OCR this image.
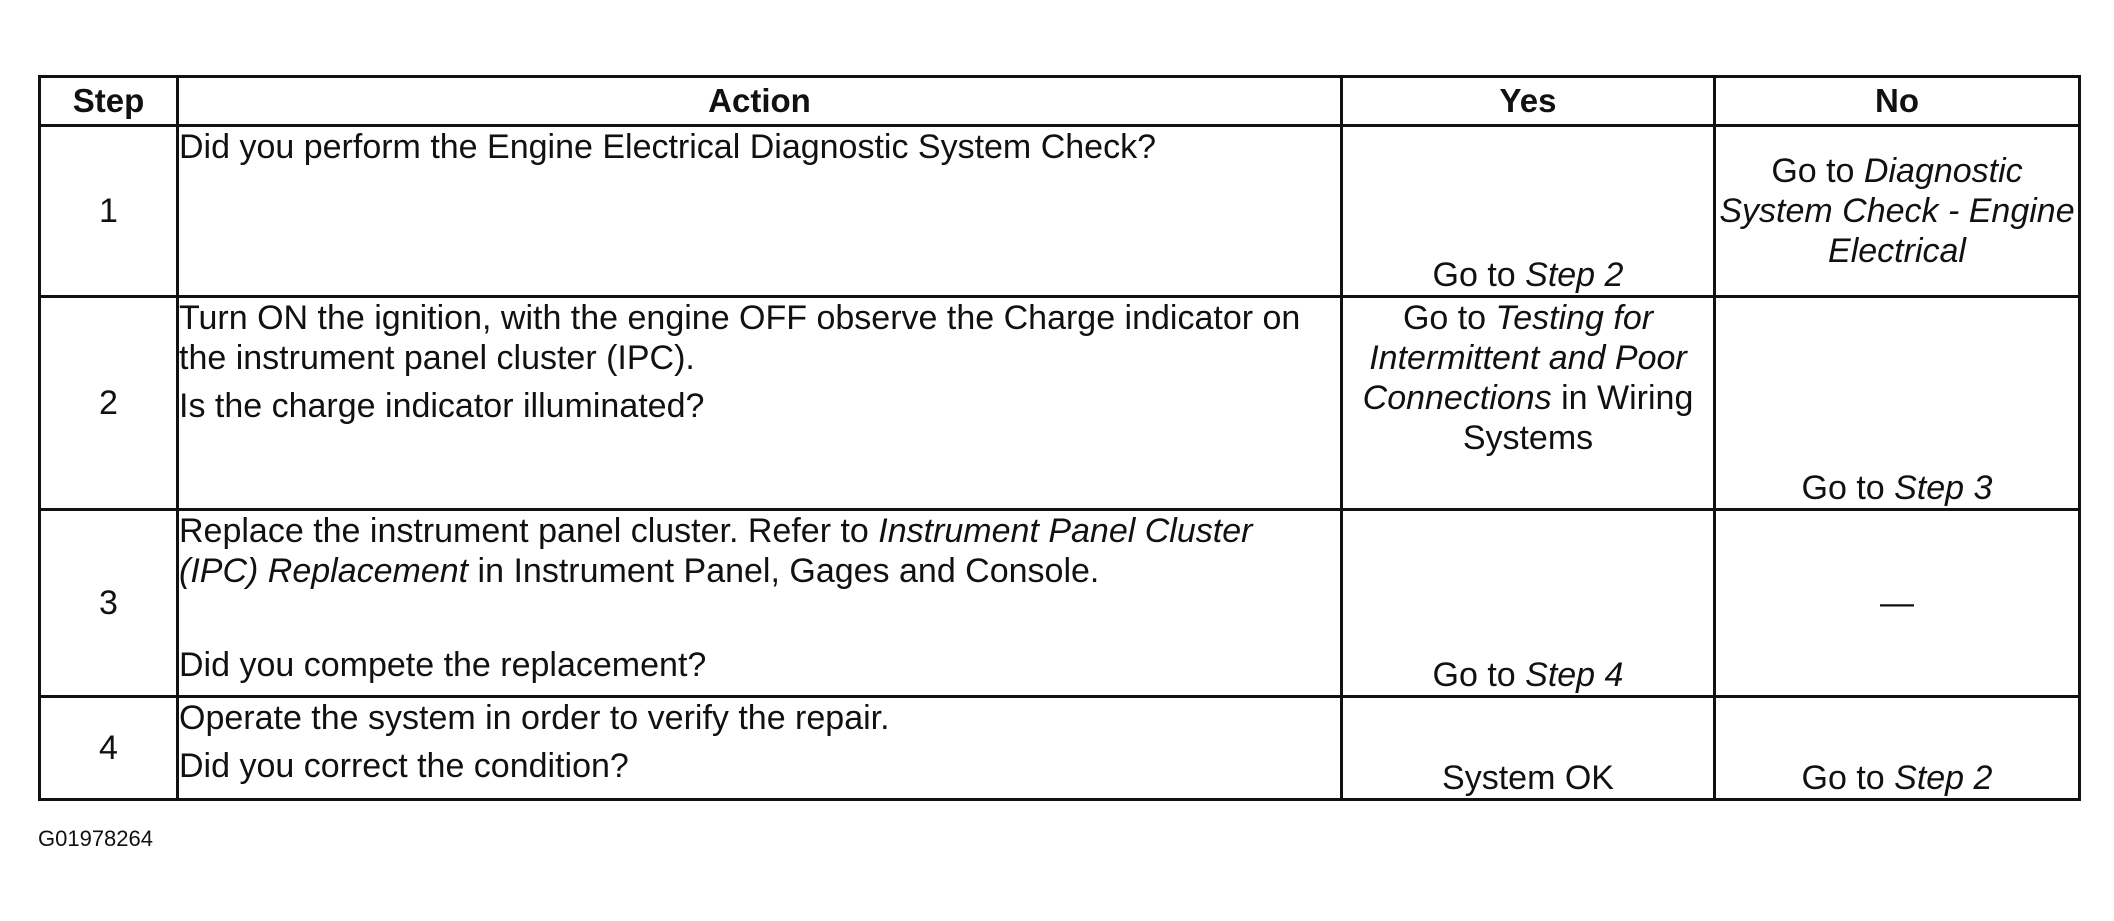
Step	Action	Yes	No
1	Did you perform the Engine Electrical Diagnostic System Check?	Go to Step 2	Go to Diagnostic System Check - Engine Electrical
2	Turn ON the ignition, with the engine OFF observe the Charge indicator on the instrument panel cluster (IPC).

Is the charge indicator illuminated?	Go to Testing for Intermittent and Poor Connections in Wiring Systems	Go to Step 3
3	Replace the instrument panel cluster. Refer to Instrument Panel Cluster (IPC) Replacement in Instrument Panel, Gages and Console.

Did you compete the replacement?	Go to Step 4	—
4	Operate the system in order to verify the repair.

Did you correct the condition?	System OK	Go to Step 2
G01978264
